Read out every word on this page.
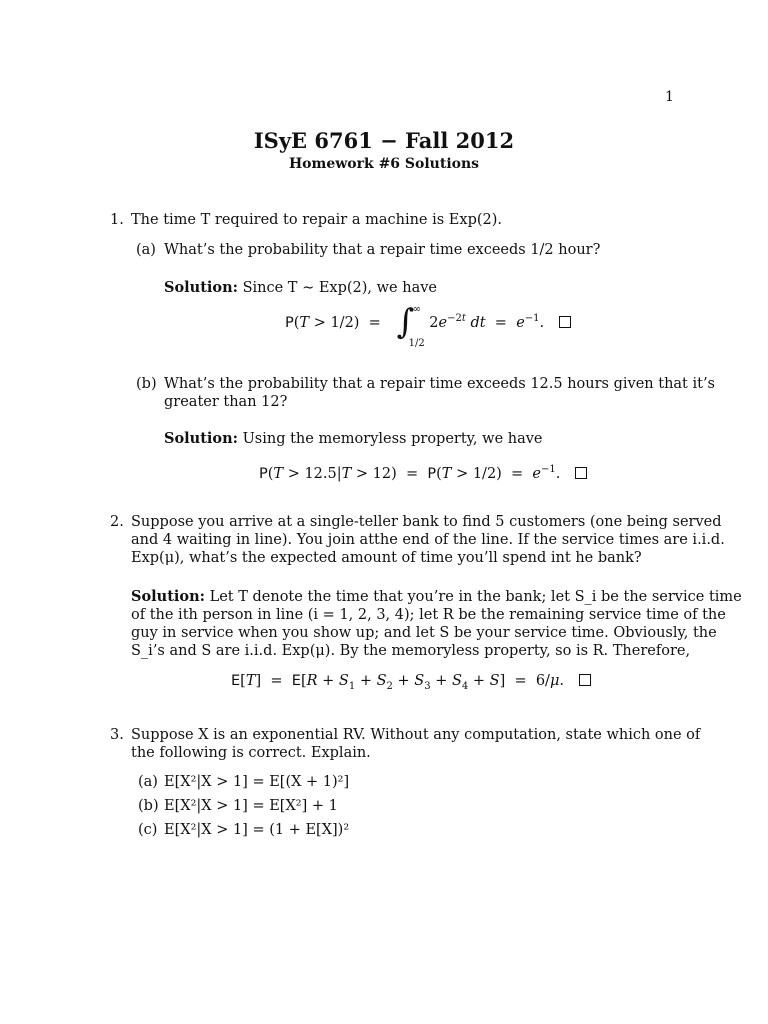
1
ISyE 6761 − Fall 2012
Homework #6 Solutions
1. The time T required to repair a machine is Exp(2).
(a) What’s the probability that a repair time exceeds 1/2 hour?
Solution: Since T ∼ Exp(2), we have
P(T > 1/2)  = ∫
∞
1/2
$2e^{-2t}$ dt  =  $e^{-1}$.
(b) What’s the probability that a repair time exceeds 12.5 hours given that it’s
greater than 12?
Solution: Using the memoryless property, we have
$P(T > 12.5|T > 12) = P(T > 1/2) = e^{-1}$.
2. Suppose you arrive at a single-teller bank to find 5 customers (one being served
and 4 waiting in line). You join atthe end of the line. If the service times are i.i.d.
Exp(μ), what’s the expected amount of time you’ll spend int he bank?
Solution: Let T denote the time that you’re in the bank; let S_i be the service time
of the ith person in line (i = 1, 2, 3, 4); let R be the remaining service time of the
guy in service when you show up; and let S be your service time. Obviously, the
S_i’s and S are i.i.d. Exp(μ). By the memoryless property, so is R. Therefore,
$E[T] = E[R + S_1 + S_2 + S_3 + S_4 + S] = 6/\mu$.
3. Suppose X is an exponential RV. Without any computation, state which one of
the following is correct. Explain.
(a) E[X²|X > 1] = E[(X + 1)²]
(b) E[X²|X > 1] = E[X²] + 1
(c) E[X²|X > 1] = (1 + E[X])²
